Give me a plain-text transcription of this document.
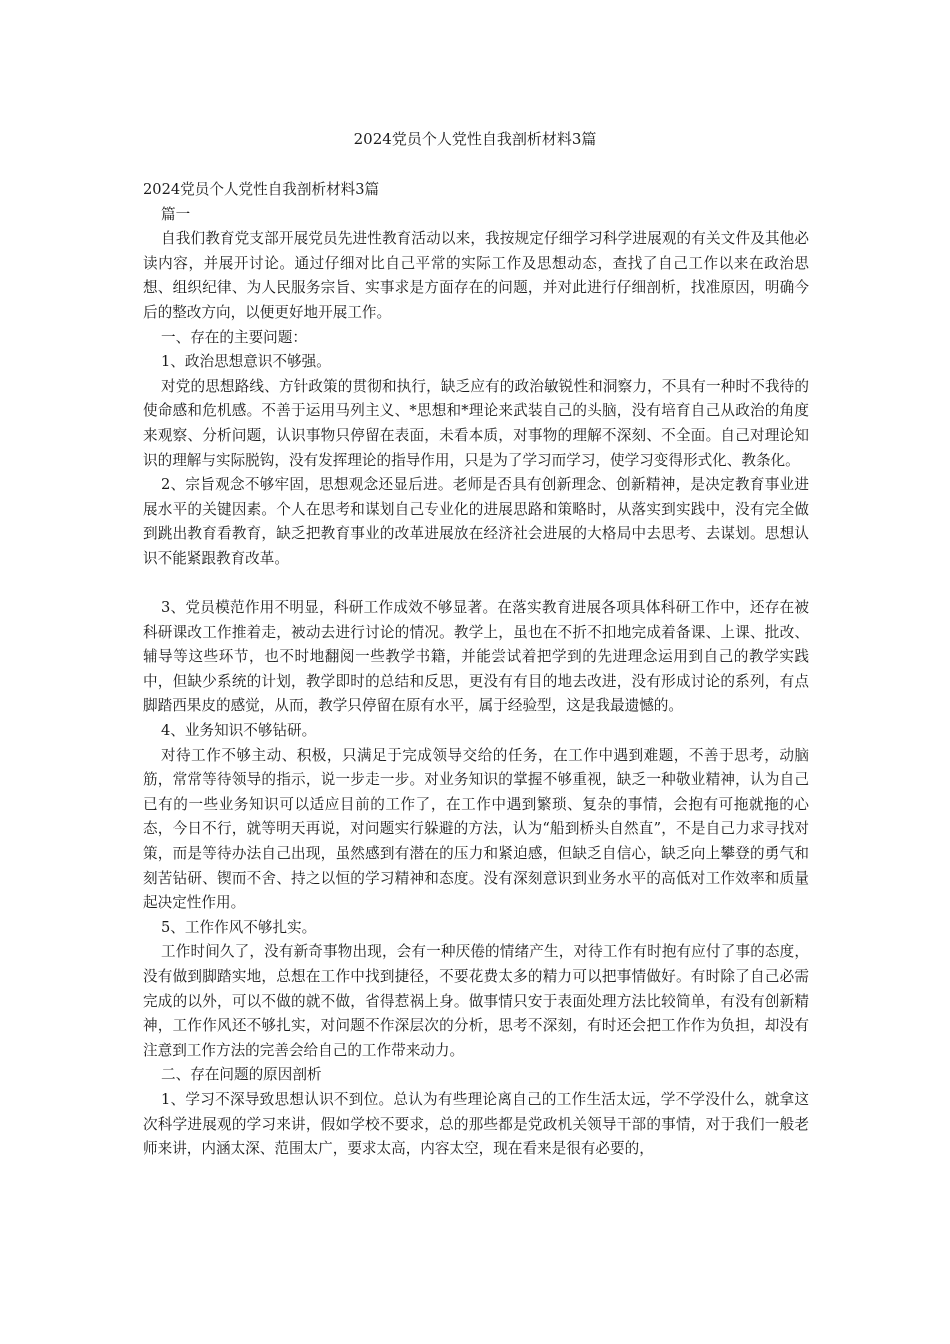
2024党员个人党性自我剖析材料3篇

2024党员个人党性自我剖析材料3篇

篇一

自我们教育党支部开展党员先进性教育活动以来，我按规定仔细学习科学进展观的有关文件及其他必读内容，并展开讨论。通过仔细对比自己平常的实际工作及思想动态，查找了自己工作以来在政治思想、组织纪律、为人民服务宗旨、实事求是方面存在的问题，并对此进行仔细剖析，找准原因，明确今后的整改方向，以便更好地开展工作。

一、存在的主要问题：

1、政治思想意识不够强。

对党的思想路线、方针政策的贯彻和执行，缺乏应有的政治敏锐性和洞察力，不具有一种时不我待的使命感和危机感。不善于运用马列主义、*思想和*理论来武装自己的头脑，没有培育自己从政治的角度来观察、分析问题，认识事物只停留在表面，未看本质，对事物的理解不深刻、不全面。自己对理论知识的理解与实际脱钩，没有发挥理论的指导作用，只是为了学习而学习，使学习变得形式化、教条化。

2、宗旨观念不够牢固，思想观念还显后进。老师是否具有创新理念、创新精神，是决定教育事业进展水平的关键因素。个人在思考和谋划自己专业化的进展思路和策略时，从落实到实践中，没有完全做到跳出教育看教育，缺乏把教育事业的改革进展放在经济社会进展的大格局中去思考、去谋划。思想认识不能紧跟教育改革。

3、党员模范作用不明显，科研工作成效不够显著。在落实教育进展各项具体科研工作中，还存在被科研课改工作推着走，被动去进行讨论的情况。教学上，虽也在不折不扣地完成着备课、上课、批改、辅导等这些环节，也不时地翻阅一些教学书籍，并能尝试着把学到的先进理念运用到自己的教学实践中，但缺少系统的计划，教学即时的总结和反思，更没有有目的地去改进，没有形成讨论的系列，有点脚踏西果皮的感觉，从而，教学只停留在原有水平，属于经验型，这是我最遗憾的。

4、业务知识不够钻研。

对待工作不够主动、积极，只满足于完成领导交给的任务，在工作中遇到难题，不善于思考，动脑筋，常常等待领导的指示，说一步走一步。对业务知识的掌握不够重视，缺乏一种敬业精神，认为自己已有的一些业务知识可以适应目前的工作了，在工作中遇到繁琐、复杂的事情，会抱有可拖就拖的心态，今日不行，就等明天再说，对问题实行躲避的方法，认为“船到桥头自然直”，不是自己力求寻找对策，而是等待办法自己出现，虽然感到有潜在的压力和紧迫感，但缺乏自信心，缺乏向上攀登的勇气和刻苦钻研、锲而不舍、持之以恒的学习精神和态度。没有深刻意识到业务水平的高低对工作效率和质量起决定性作用。

5、工作作风不够扎实。

工作时间久了，没有新奇事物出现，会有一种厌倦的情绪产生，对待工作有时抱有应付了事的态度，没有做到脚踏实地，总想在工作中找到捷径，不要花费太多的精力可以把事情做好。有时除了自己必需完成的以外，可以不做的就不做，省得惹祸上身。做事情只安于表面处理方法比较简单，有没有创新精神，工作作风还不够扎实，对问题不作深层次的分析，思考不深刻，有时还会把工作作为负担，却没有注意到工作方法的完善会给自己的工作带来动力。

二、存在问题的原因剖析

1、学习不深导致思想认识不到位。总认为有些理论离自己的工作生活太远，学不学没什么，就拿这次科学进展观的学习来讲，假如学校不要求，总的那些都是党政机关领导干部的事情，对于我们一般老师来讲，内涵太深、范围太广，要求太高，内容太空，现在看来是很有必要的，
